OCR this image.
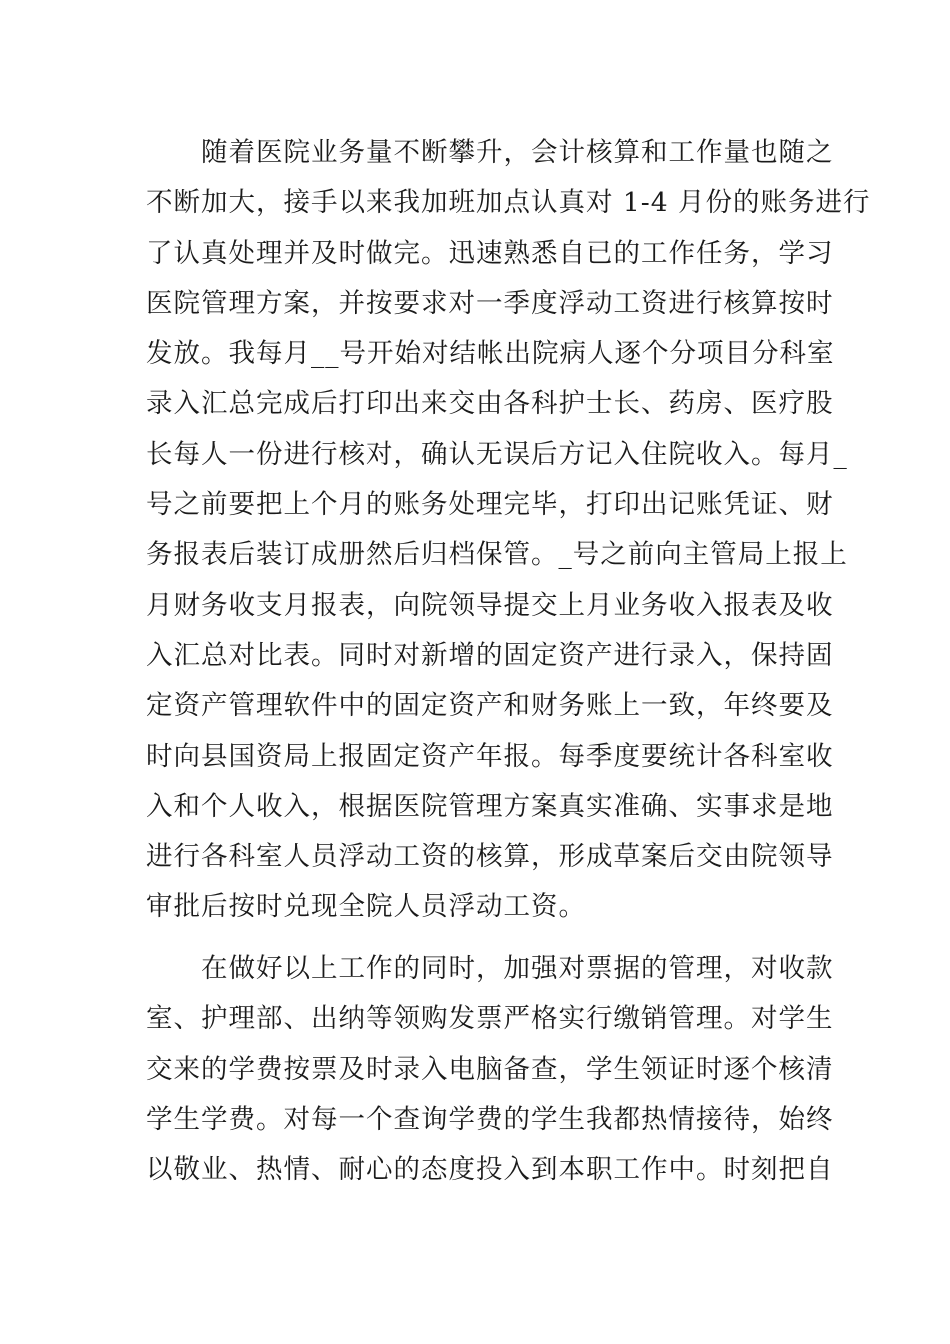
　　随着医院业务量不断攀升，会计核算和工作量也随之
不断加大，接手以来我加班加点认真对 1-4 月份的账务进行
了认真处理并及时做完。迅速熟悉自已的工作任务，学习
医院管理方案，并按要求对一季度浮动工资进行核算按时
发放。我每月__号开始对结帐出院病人逐个分项目分科室
录入汇总完成后打印出来交由各科护士长、药房、医疗股
长每人一份进行核对，确认无误后方记入住院收入。每月_
号之前要把上个月的账务处理完毕，打印出记账凭证、财
务报表后装订成册然后归档保管。_号之前向主管局上报上
月财务收支月报表，向院领导提交上月业务收入报表及收
入汇总对比表。同时对新增的固定资产进行录入，保持固
定资产管理软件中的固定资产和财务账上一致，年终要及
时向县国资局上报固定资产年报。每季度要统计各科室收
入和个人收入，根据医院管理方案真实准确、实事求是地
进行各科室人员浮动工资的核算，形成草案后交由院领导
审批后按时兑现全院人员浮动工资。

　　在做好以上工作的同时，加强对票据的管理，对收款
室、护理部、出纳等领购发票严格实行缴销管理。对学生
交来的学费按票及时录入电脑备查，学生领证时逐个核清
学生学费。对每一个查询学费的学生我都热情接待，始终
以敬业、热情、耐心的态度投入到本职工作中。时刻把自
